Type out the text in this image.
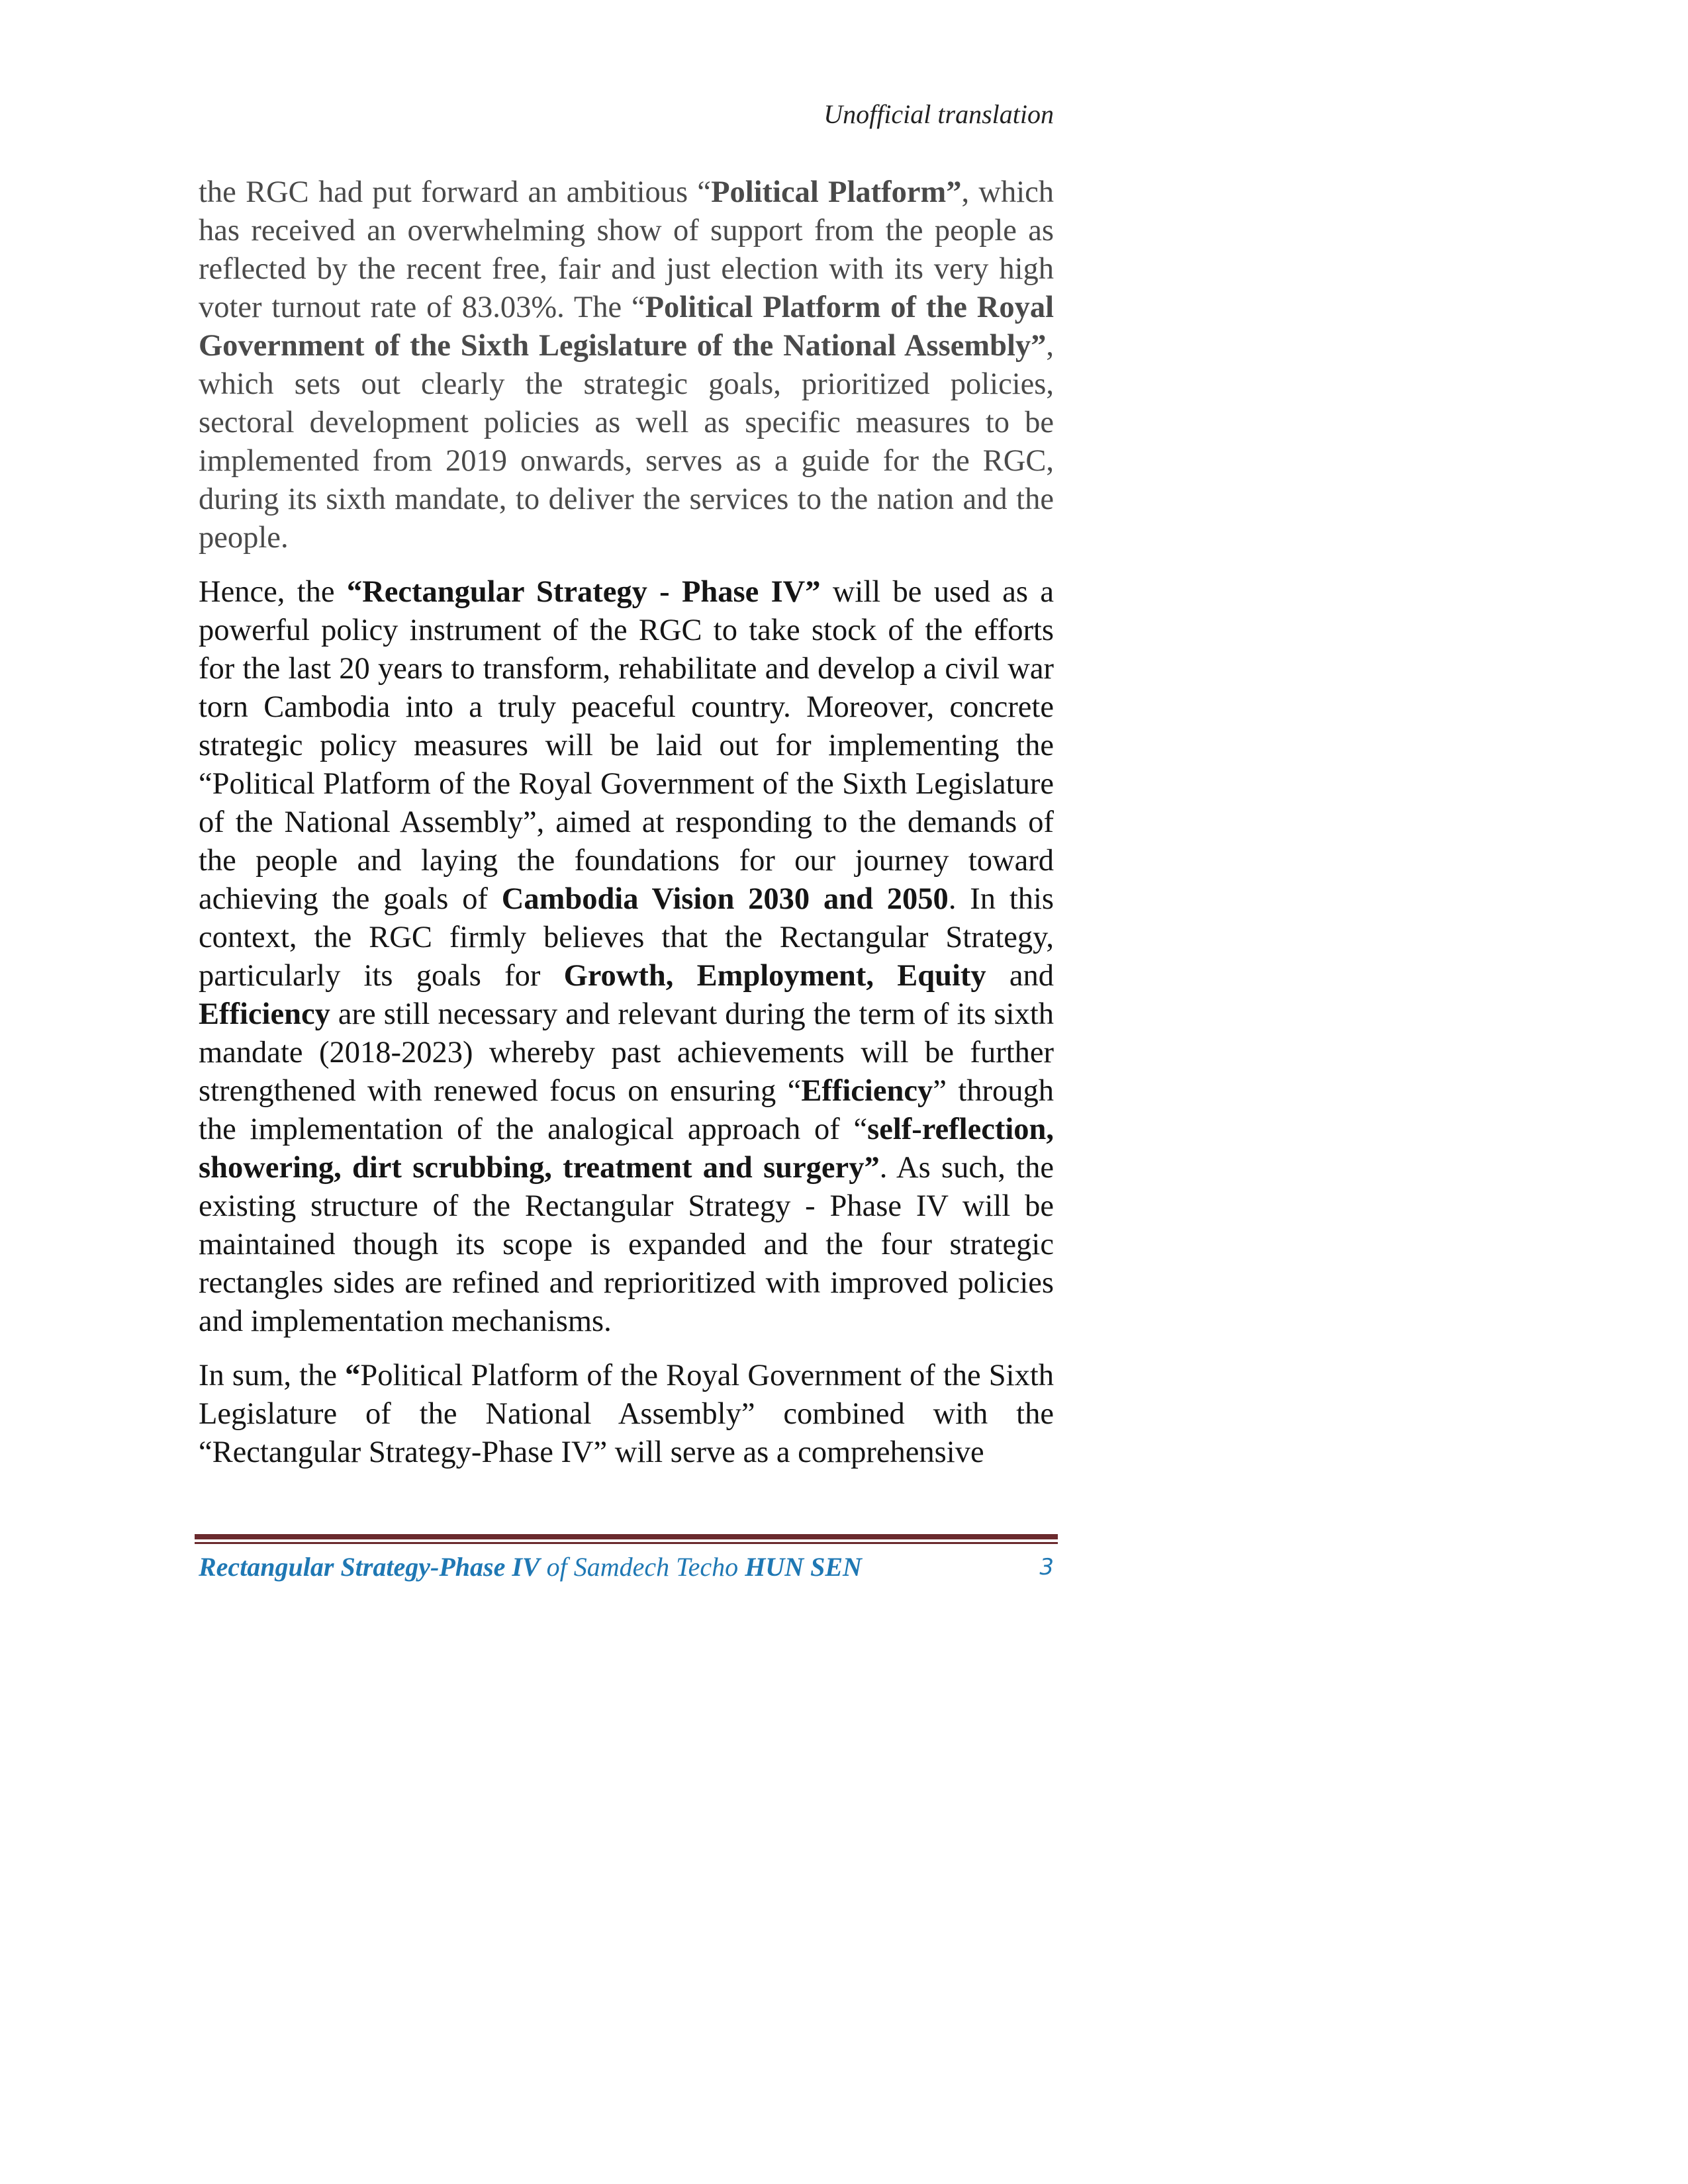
Unofficial translation

the RGC had put forward an ambitious “Political Platform”, which has received an overwhelming show of support from the people as reflected by the recent free, fair and just election with its very high voter turnout rate of 83.03%. The “Political Platform of the Royal Government of the Sixth Legislature of the National Assembly”, which sets out clearly the strategic goals, prioritized policies, sectoral development policies as well as specific measures to be implemented from 2019 onwards, serves as a guide for the RGC, during its sixth mandate, to deliver the services to the nation and the people.

Hence, the “Rectangular Strategy - Phase IV” will be used as a powerful policy instrument of the RGC to take stock of the efforts for the last 20 years to transform, rehabilitate and develop a civil war torn Cambodia into a truly peaceful country. Moreover, concrete strategic policy measures will be laid out for implementing the “Political Platform of the Royal Government of the Sixth Legislature of the National Assembly”, aimed at responding to the demands of the people and laying the foundations for our journey toward achieving the goals of Cambodia Vision 2030 and 2050. In this context, the RGC firmly believes that the Rectangular Strategy, particularly its goals for Growth, Employment, Equity and Efficiency are still necessary and relevant during the term of its sixth mandate (2018-2023) whereby past achievements will be further strengthened with renewed focus on ensuring “Efficiency” through the implementation of the analogical approach of “self-reflection, showering, dirt scrubbing, treatment and surgery”. As such, the existing structure of the Rectangular Strategy - Phase IV will be maintained though its scope is expanded and the four strategic rectangles sides are refined and reprioritized with improved policies and implementation mechanisms.

In sum, the “Political Platform of the Royal Government of the Sixth Legislature of the National Assembly” combined with the “Rectangular Strategy-Phase IV” will serve as a comprehensive

Rectangular Strategy-Phase IV of Samdech Techo HUN SEN	3
